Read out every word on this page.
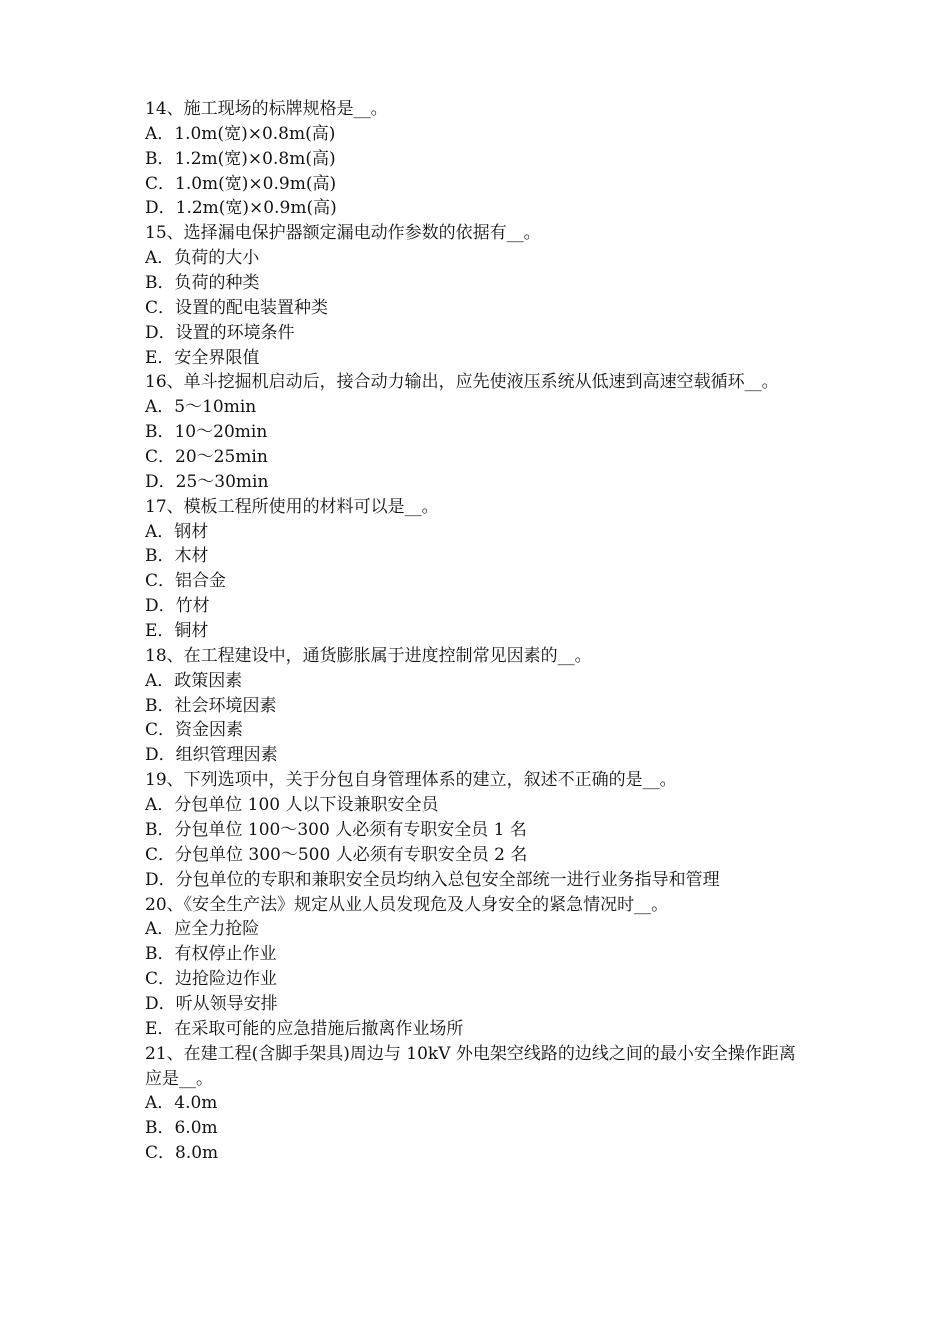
14、施工现场的标牌规格是__。
A．1.0m(宽)×0.8m(高)
B．1.2m(宽)×0.8m(高)
C．1.0m(宽)×0.9m(高)
D．1.2m(宽)×0.9m(高)
15、选择漏电保护器额定漏电动作参数的依据有__。
A．负荷的大小
B．负荷的种类
C．设置的配电装置种类
D．设置的环境条件
E．安全界限值
16、单斗挖掘机启动后，接合动力输出，应先使液压系统从低速到高速空载循环__。
A．5～10min
B．10～20min
C．20～25min
D．25～30min
17、模板工程所使用的材料可以是__。
A．钢材
B．木材
C．铝合金
D．竹材
E．铜材
18、在工程建设中，通货膨胀属于进度控制常见因素的__。
A．政策因素
B．社会环境因素
C．资金因素
D．组织管理因素
19、下列选项中，关于分包自身管理体系的建立，叙述不正确的是__。
A．分包单位 100 人以下设兼职安全员
B．分包单位 100～300 人必须有专职安全员 1 名
C．分包单位 300～500 人必须有专职安全员 2 名
D．分包单位的专职和兼职安全员均纳入总包安全部统一进行业务指导和管理
20、《安全生产法》规定从业人员发现危及人身安全的紧急情况时__。
A．应全力抢险
B．有权停止作业
C．边抢险边作业
D．听从领导安排
E．在采取可能的应急措施后撤离作业场所
21、在建工程(含脚手架具)周边与 10kV 外电架空线路的边线之间的最小安全操作距离应是__。
A．4.0m
B．6.0m
C．8.0m
